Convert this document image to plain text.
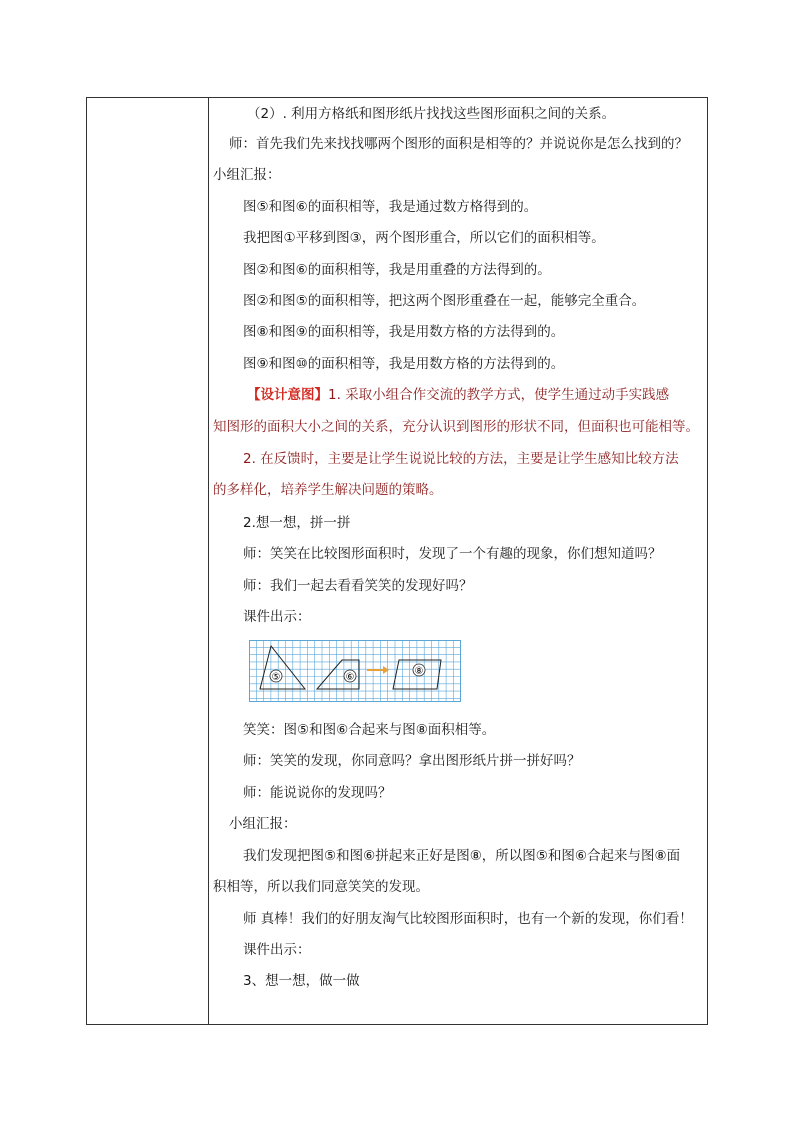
（2）. 利用方格纸和图形纸片找找这些图形面积之间的关系。
师：首先我们先来找找哪两个图形的面积是相等的？并说说你是怎么找到的？
小组汇报：
图⑤和图⑥的面积相等，我是通过数方格得到的。
我把图①平移到图③，两个图形重合，所以它们的面积相等。
图②和图⑥的面积相等，我是用重叠的方法得到的。
图②和图⑤的面积相等，把这两个图形重叠在一起，能够完全重合。
图⑧和图⑨的面积相等，我是用数方格的方法得到的。
图⑨和图⑩的面积相等，我是用数方格的方法得到的。
【设计意图】1. 采取小组合作交流的教学方式，使学生通过动手实践感
知图形的面积大小之间的关系，充分认识到图形的形状不同，但面积也可能相等。
2. 在反馈时，主要是让学生说说比较的方法，主要是让学生感知比较方法
的多样化，培养学生解决问题的策略。
2.想一想，拼一拼
师：笑笑在比较图形面积时，发现了一个有趣的现象，你们想知道吗？
师：我们一起去看看笑笑的发现好吗？
课件出示：
⑤	⑥
⑧
笑笑：图⑤和图⑥合起来与图⑧面积相等。
师：笑笑的发现，你同意吗？拿出图形纸片拼一拼好吗？
师：能说说你的发现吗？
小组汇报：
我们发现把图⑤和图⑥拼起来正好是图⑧，所以图⑤和图⑥合起来与图⑧面
积相等，所以我们同意笑笑的发现。
师 真棒！我们的好朋友淘气比较图形面积时，也有一个新的发现，你们看！
课件出示：
3、想一想，做一做
